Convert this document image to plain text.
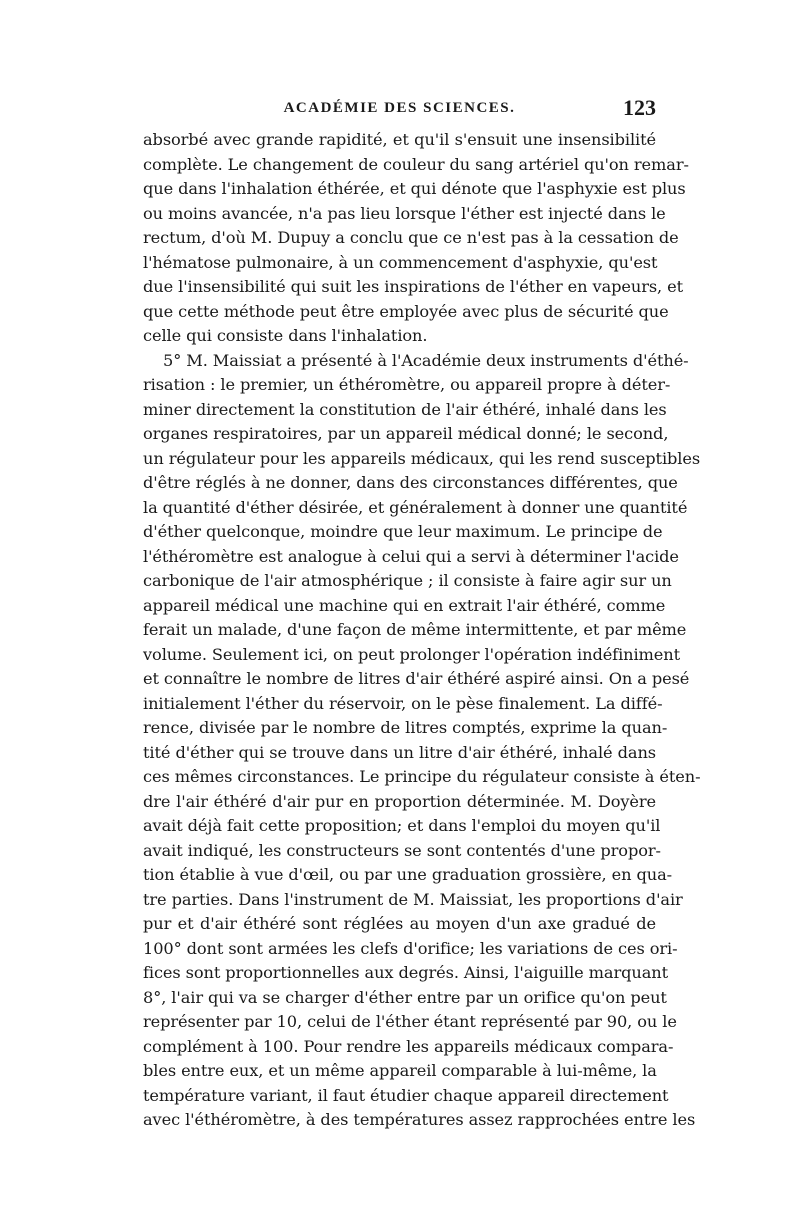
ACADÉMIE DES SCIENCES.	123
absorbé avec grande rapidité, et qu'il s'ensuit une insensibilité
complète. Le changement de couleur du sang artériel qu'on remar-
que dans l'inhalation éthérée, et qui dénote que l'asphyxie est plus
ou moins avancée, n'a pas lieu lorsque l'éther est injecté dans le
rectum, d'où M. Dupuy a conclu que ce n'est pas à la cessation de
l'hématose pulmonaire, à un commencement d'asphyxie, qu'est
due l'insensibilité qui suit les inspirations de l'éther en vapeurs, et
que cette méthode peut être employée avec plus de sécurité que
celle qui consiste dans l'inhalation.
5° M. Maissiat a présenté à l'Académie deux instruments d'éthé-
risation : le premier, un éthéromètre, ou appareil propre à déter-
miner directement la constitution de l'air éthéré, inhalé dans les
organes respiratoires, par un appareil médical donné; le second,
un régulateur pour les appareils médicaux, qui les rend susceptibles
d'être réglés à ne donner, dans des circonstances différentes, que
la quantité d'éther désirée, et généralement à donner une quantité
d'éther quelconque, moindre que leur maximum. Le principe de
l'éthéromètre est analogue à celui qui a servi à déterminer l'acide
carbonique de l'air atmosphérique ; il consiste à faire agir sur un
appareil médical une machine qui en extrait l'air éthéré, comme
ferait un malade, d'une façon de même intermittente, et par même
volume. Seulement ici, on peut prolonger l'opération indéfiniment
et connaître le nombre de litres d'air éthéré aspiré ainsi. On a pesé
initialement l'éther du réservoir, on le pèse finalement. La diffé-
rence, divisée par le nombre de litres comptés, exprime la quan-
tité d'éther qui se trouve dans un litre d'air éthéré, inhalé dans
ces mêmes circonstances. Le principe du régulateur consiste à éten-
dre l'air éthéré d'air pur en proportion déterminée. M. Doyère
avait déjà fait cette proposition; et dans l'emploi du moyen qu'il
avait indiqué, les constructeurs se sont contentés d'une propor-
tion établie à vue d'œil, ou par une graduation grossière, en qua-
tre parties. Dans l'instrument de M. Maissiat, les proportions d'air
pur et d'air éthéré sont réglées au moyen d'un axe gradué de
100° dont sont armées les clefs d'orifice; les variations de ces ori-
fices sont proportionnelles aux degrés. Ainsi, l'aiguille marquant
8°, l'air qui va se charger d'éther entre par un orifice qu'on peut
représenter par 10, celui de l'éther étant représenté par 90, ou le
complément à 100. Pour rendre les appareils médicaux compara-
bles entre eux, et un même appareil comparable à lui-même, la
température variant, il faut étudier chaque appareil directement
avec l'éthéromètre, à des températures assez rapprochées entre les
